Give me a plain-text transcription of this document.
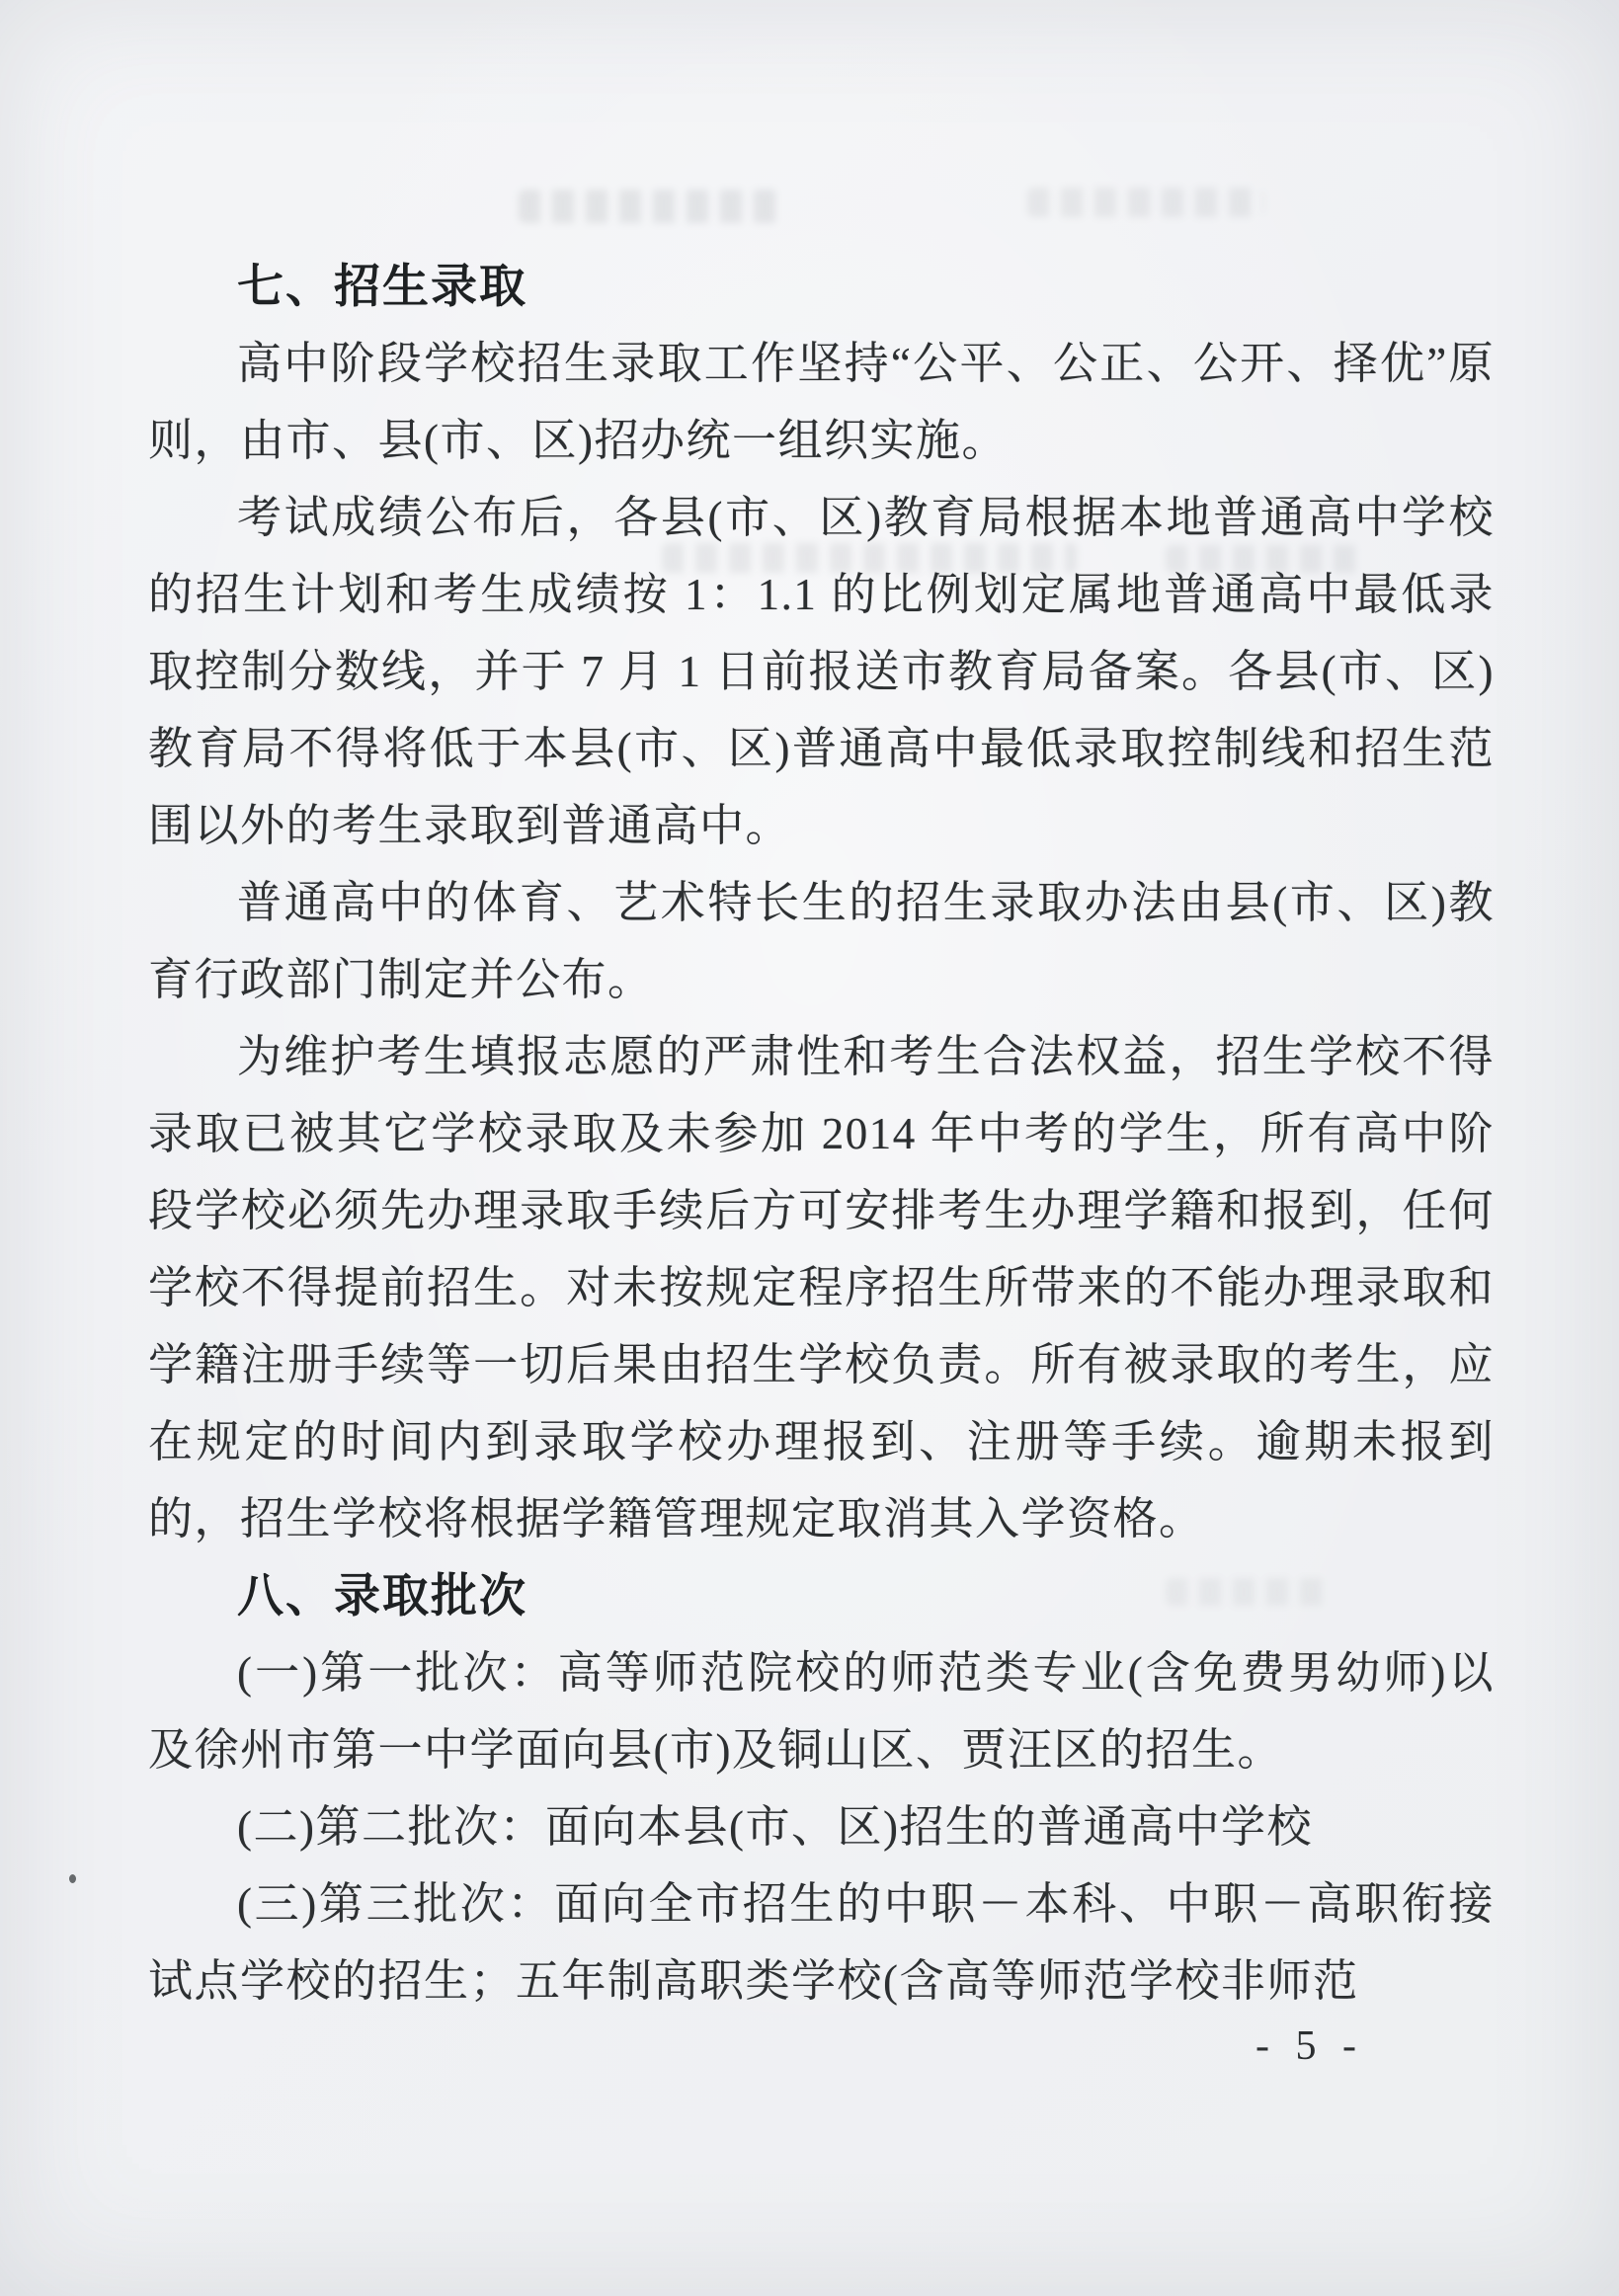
七、招生录取

高中阶段学校招生录取工作坚持“公平、公正、公开、择优”原则，由市、县(市、区)招办统一组织实施。

考试成绩公布后，各县(市、区)教育局根据本地普通高中学校的招生计划和考生成绩按 1：1.1 的比例划定属地普通高中最低录取控制分数线，并于 7 月 1 日前报送市教育局备案。各县(市、区)教育局不得将低于本县(市、区)普通高中最低录取控制线和招生范围以外的考生录取到普通高中。

普通高中的体育、艺术特长生的招生录取办法由县(市、区)教育行政部门制定并公布。

为维护考生填报志愿的严肃性和考生合法权益，招生学校不得录取已被其它学校录取及未参加 2014 年中考的学生，所有高中阶段学校必须先办理录取手续后方可安排考生办理学籍和报到，任何学校不得提前招生。对未按规定程序招生所带来的不能办理录取和学籍注册手续等一切后果由招生学校负责。所有被录取的考生，应在规定的时间内到录取学校办理报到、注册等手续。逾期未报到的，招生学校将根据学籍管理规定取消其入学资格。

八、录取批次

(一)第一批次：高等师范院校的师范类专业(含免费男幼师)以及徐州市第一中学面向县(市)及铜山区、贾汪区的招生。

(二)第二批次：面向本县(市、区)招生的普通高中学校

(三)第三批次：面向全市招生的中职－本科、中职－高职衔接试点学校的招生；五年制高职类学校(含高等师范学校非师范

- 5 -
